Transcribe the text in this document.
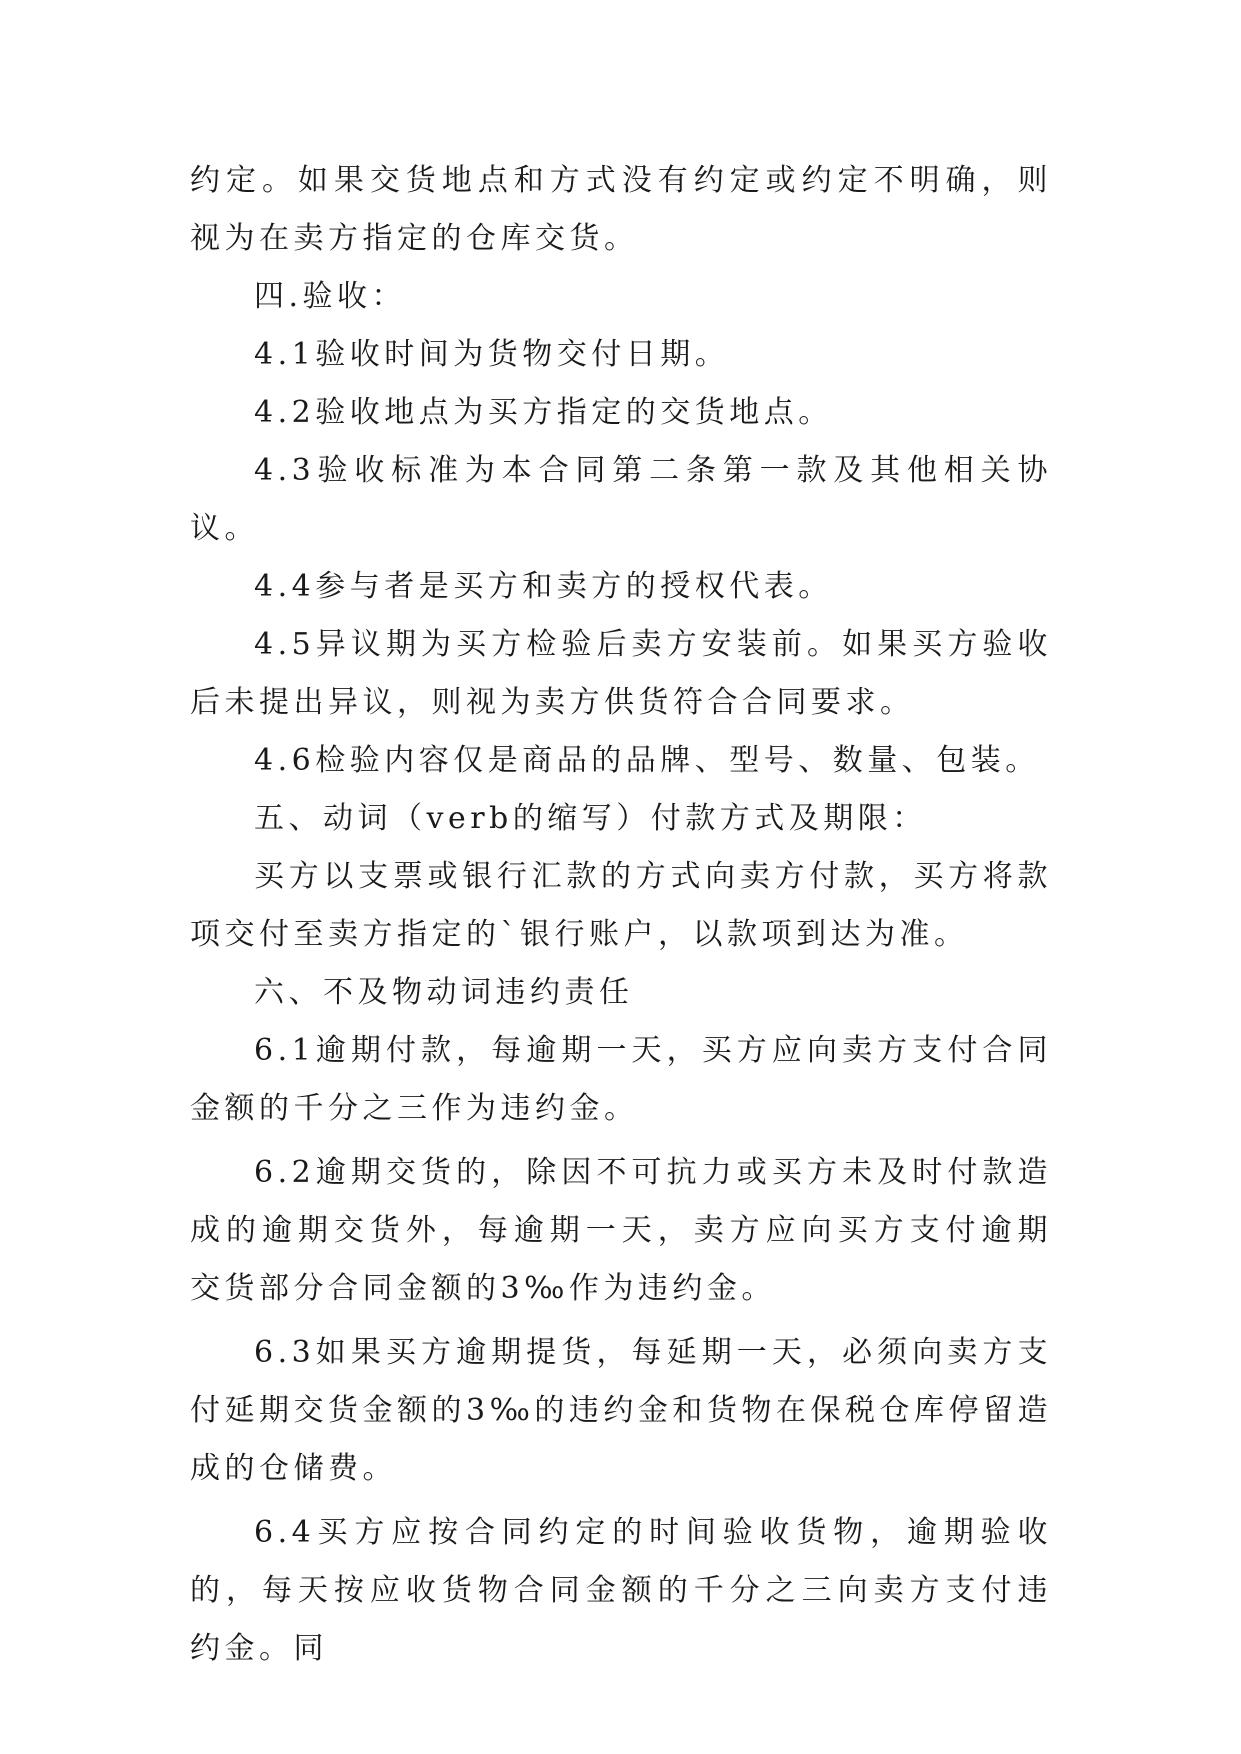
约定。如果交货地点和方式没有约定或约定不明确，则视为在卖方指定的仓库交货。

四.验收：

4.1验收时间为货物交付日期。

4.2验收地点为买方指定的交货地点。

4.3验收标准为本合同第二条第一款及其他相关协议。

4.4参与者是买方和卖方的授权代表。

4.5异议期为买方检验后卖方安装前。如果买方验收后未提出异议，则视为卖方供货符合合同要求。

4.6检验内容仅是商品的品牌、型号、数量、包装。

五、动词（verb的缩写）付款方式及期限：

买方以支票或银行汇款的方式向卖方付款，买方将款项交付至卖方指定的`银行账户，以款项到达为准。

六、不及物动词违约责任

6.1逾期付款，每逾期一天，买方应向卖方支付合同金额的千分之三作为违约金。

6.2逾期交货的，除因不可抗力或买方未及时付款造成的逾期交货外，每逾期一天，卖方应向买方支付逾期交货部分合同金额的3‰作为违约金。

6.3如果买方逾期提货，每延期一天，必须向卖方支付延期交货金额的3‰的违约金和货物在保税仓库停留造成的仓储费。

6.4买方应按合同约定的时间验收货物，逾期验收的，每天按应收货物合同金额的千分之三向卖方支付违约金。同
